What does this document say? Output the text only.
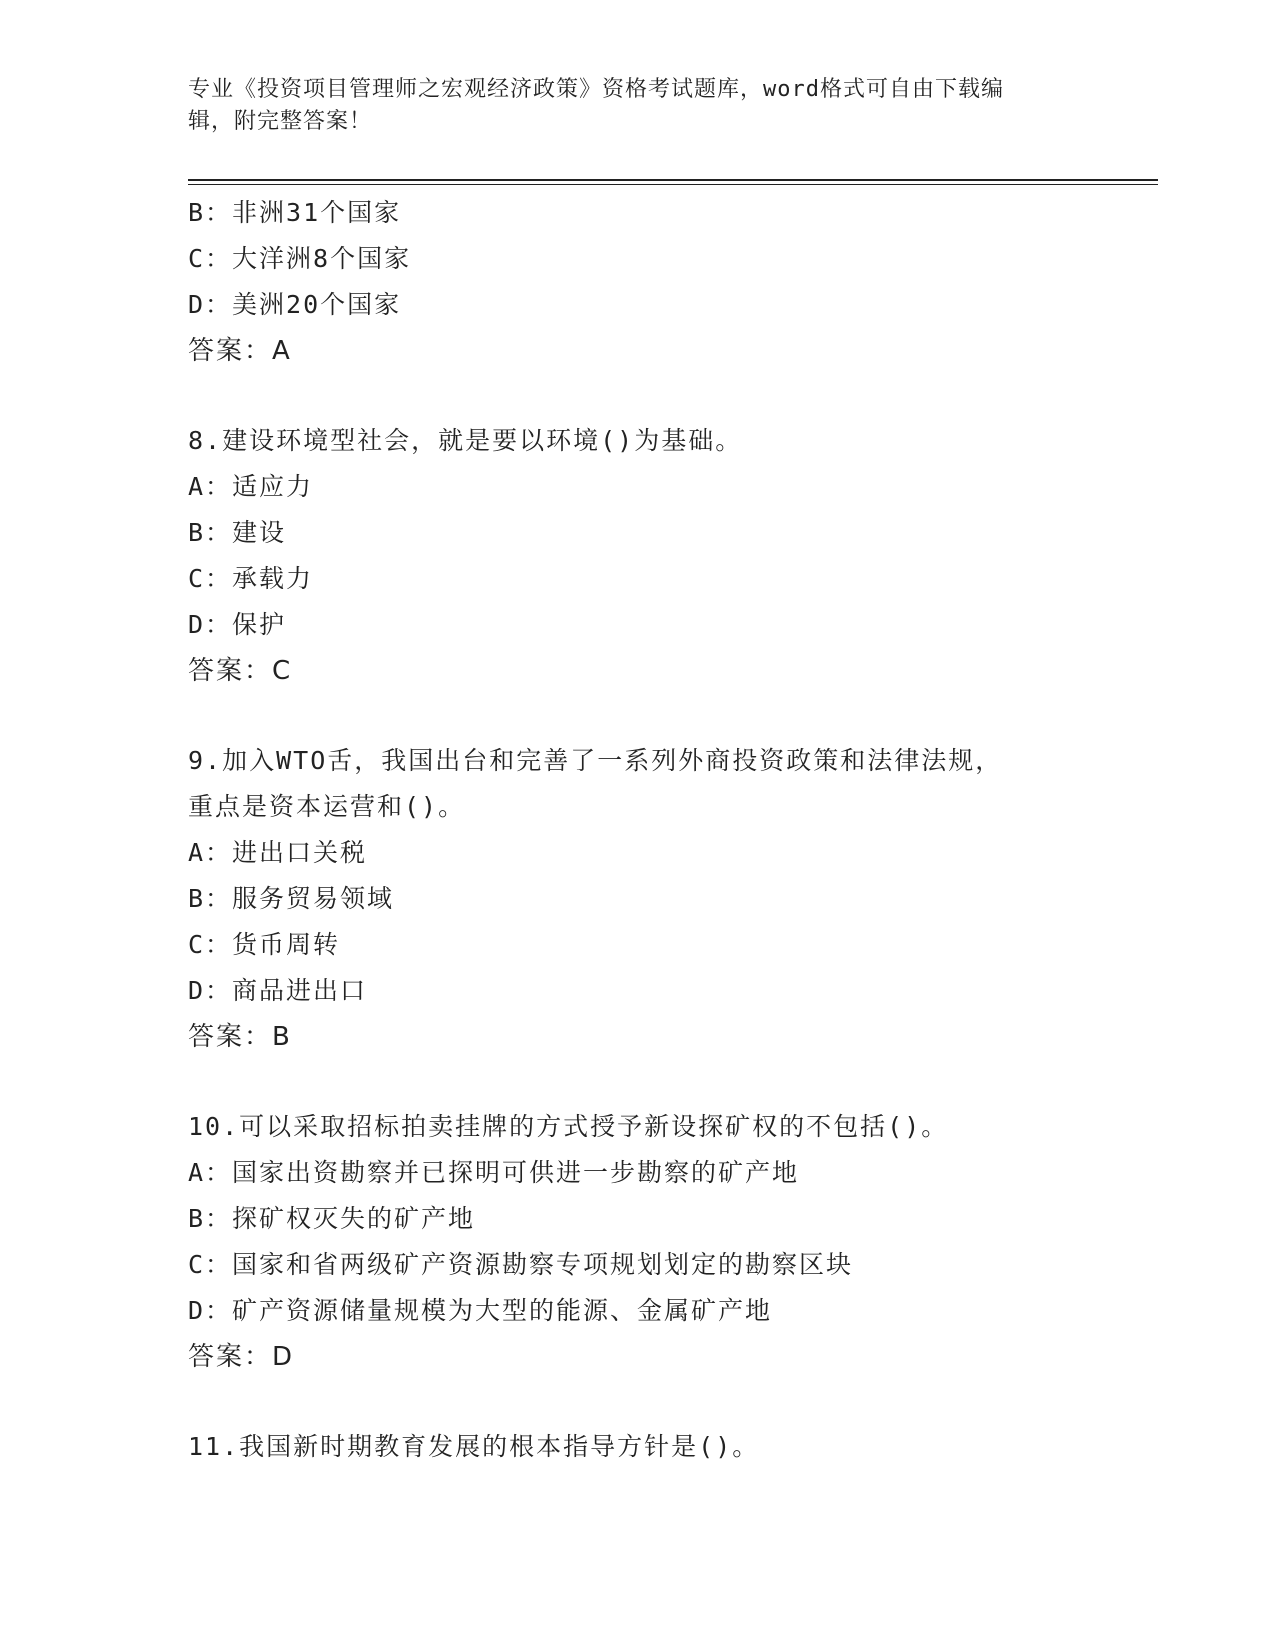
专业《投资项目管理师之宏观经济政策》资格考试题库，word格式可自由下载编
辑，附完整答案！
B：非洲31个国家
C：大洋洲8个国家
D：美洲20个国家
答案：A
8.建设环境型社会，就是要以环境()为基础。
A：适应力
B：建设
C：承载力
D：保护
答案：C
9.加入WTO舌，我国出台和完善了一系列外商投资政策和法律法规，
重点是资本运营和()。
A：进出口关税
B：服务贸易领域
C：货币周转
D：商品进出口
答案：B
10.可以采取招标拍卖挂牌的方式授予新设探矿权的不包括()。
A：国家出资勘察并已探明可供进一步勘察的矿产地
B：探矿权灭失的矿产地
C：国家和省两级矿产资源勘察专项规划划定的勘察区块
D：矿产资源储量规模为大型的能源、金属矿产地
答案：D
11.我国新时期教育发展的根本指导方针是()。
